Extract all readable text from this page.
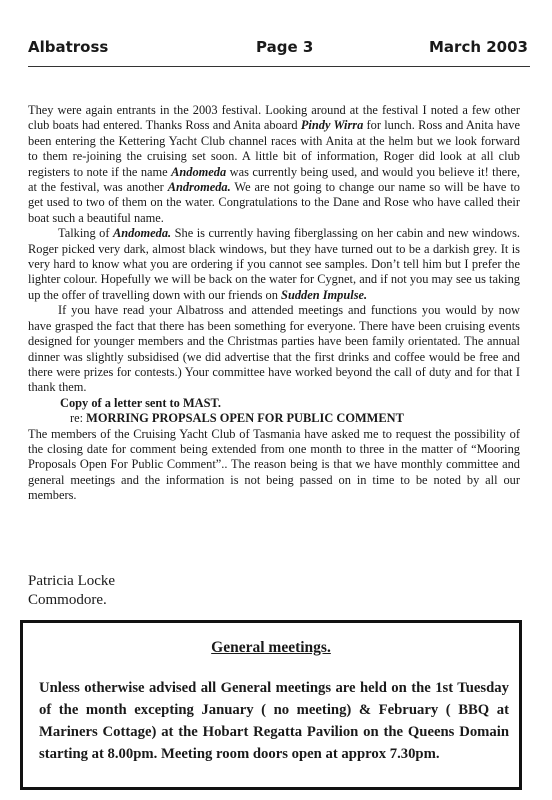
Albatross	Page 3	March 2003

They were again entrants in the 2003 festival. Looking around at the festival I noted a few other club boats had entered. Thanks Ross and Anita aboard Pindy Wirra for lunch. Ross and Anita have been entering the Kettering Yacht Club channel races with Anita at the helm but we look forward to them re-joining the cruising set soon. A little bit of information, Roger did look at all club registers to note if the name Andomeda was currently being used, and would you believe it! there, at the festival, was another Andromeda. We are not going to change our name so will be have to get used to two of them on the water. Congratulations to the Dane and Rose who have called their boat such a beautiful name.

Talking of Andomeda. She is currently having fiberglassing on her cabin and new windows. Roger picked very dark, almost black windows, but they have turned out to be a darkish grey. It is very hard to know what you are ordering if you cannot see samples. Don’t tell him but I prefer the lighter colour. Hopefully we will be back on the water for Cygnet, and if not you may see us taking up the offer of travelling down with our friends on Sudden Impulse.

If you have read your Albatross and attended meetings and functions you would by now have grasped the fact that there has been something for everyone. There have been cruising events designed for younger members and the Christmas parties have been family orientated. The annual dinner was slightly subsidised (we did advertise that the first drinks and coffee would be free and there were prizes for contests.) Your committee have worked beyond the call of duty and for that I thank them.

Copy of a letter sent to MAST.

re: MORRING PROPSALS OPEN FOR PUBLIC COMMENT

The members of the Cruising Yacht Club of Tasmania have asked me to request the possibility of the closing date for comment being extended from one month to three in the matter of “Mooring Proposals Open For Public Comment”.. The reason being is that we have monthly committee and general meetings and the information is not being passed on in time to be noted by all our members.

Patricia Locke
Commodore.
General meetings.
Unless otherwise advised all General meetings are held on the 1st Tuesday of the month excepting January ( no meeting) & February ( BBQ at Mariners Cottage) at the Hobart Regatta Pavilion on the Queens Domain starting at 8.00pm. Meeting room doors open at approx 7.30pm.
